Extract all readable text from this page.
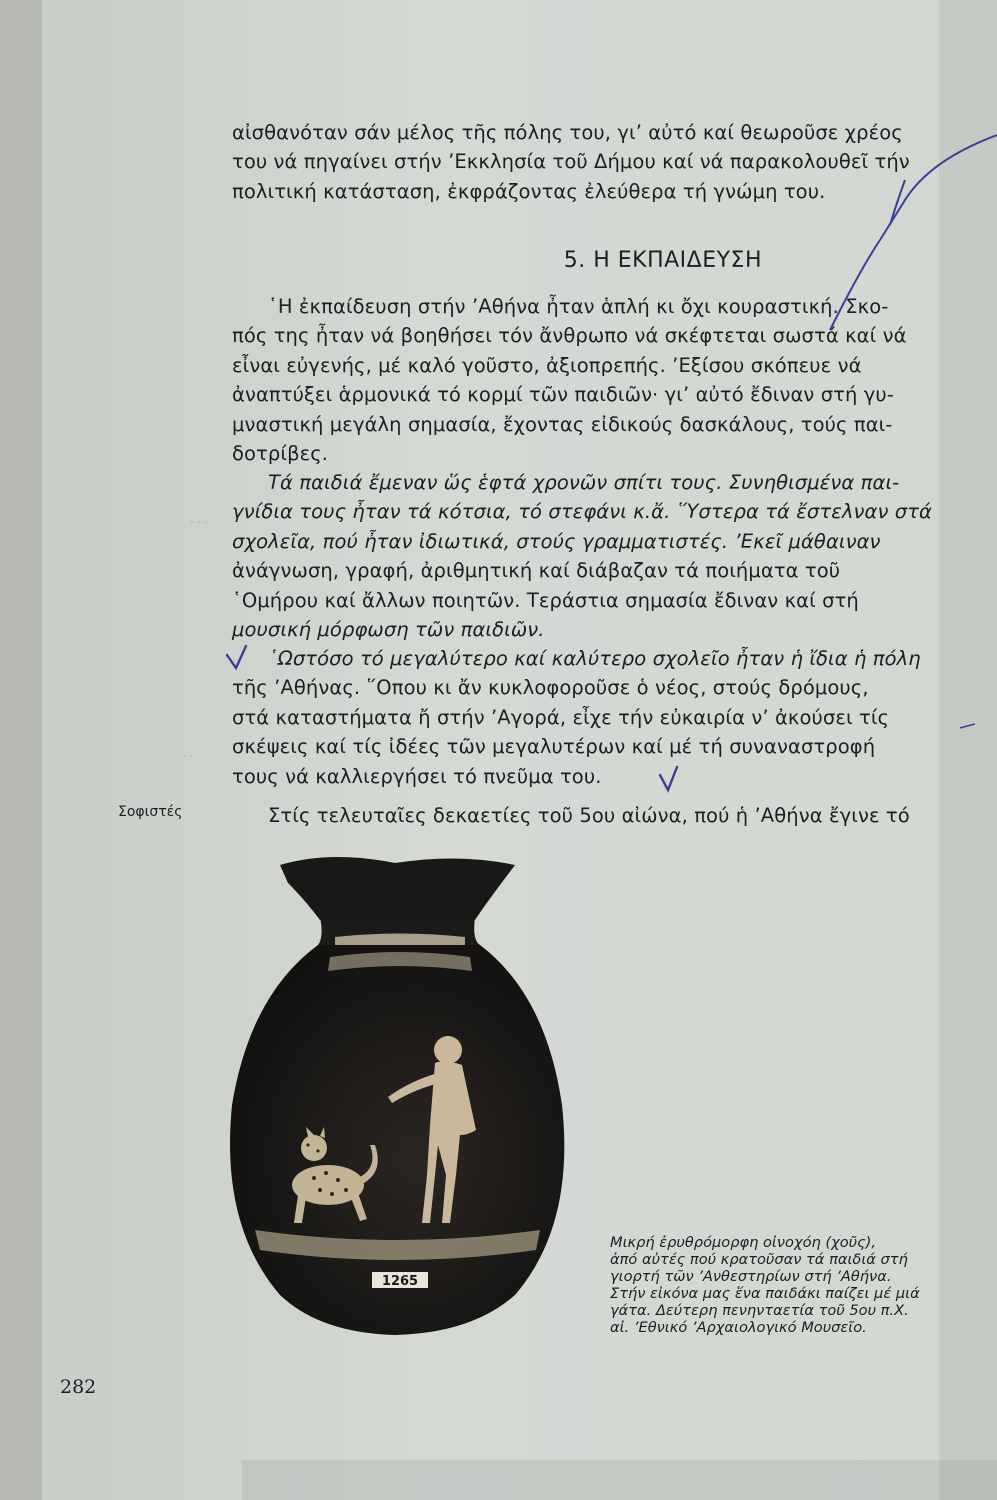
· · ·
· ·
αἰσθανόταν σάν μέλος τῆς πόλης του, γι’ αὐτό καί θεωροῦσε χρέος
του νά πηγαίνει στήν ’Εκκλησία τοῦ Δήμου καί νά παρακολουθεῖ τήν
πολιτική κατάσταση, ἐκφράζοντας ἐλεύθερα τή γνώμη του.
5. Η ΕΚΠΑΙΔΕΥΣΗ
῾Η ἐκπαίδευση στήν ’Αθήνα ἦταν ἁπλή κι ὄχι κουραστική. Σκο-
πός της ἦταν νά βοηθήσει τόν ἄνθρωπο νά σκέφτεται σωστά καί νά
εἶναι εὐγενής, μέ καλό γοῦστο, ἀξιοπρεπής. ’Εξίσου σκόπευε νά
ἀναπτύξει ἁρμονικά τό κορμί τῶν παιδιῶν· γι’ αὐτό ἔδιναν στή γυ-
μναστική μεγάλη σημασία, ἔχοντας εἰδικούς δασκάλους, τούς παι-
δοτρίβες.
Τά παιδιά ἔμεναν ὥς ἑφτά χρονῶν σπίτι τους. Συνηθισμένα παι-
γνίδια τους ἦταν τά κότσια, τό στεφάνι κ.ἄ. ῞Υστερα τά ἔστελναν στά
σχολεῖα, πού ἦταν ἰδιωτικά, στούς γραμματιστές. ’Εκεῖ μάθαιναν
ἀνάγνωση, γραφή, ἀριθμητική καί διάβαζαν τά ποιήματα τοῦ
῾Ομήρου καί ἄλλων ποιητῶν. Τεράστια σημασία ἔδιναν καί στή
μουσική μόρφωση τῶν παιδιῶν.
῾Ωστόσο τό μεγαλύτερο καί καλύτερο σχολεῖο ἦταν ἡ ἴδια ἡ πόλη
τῆς ’Αθήνας. ῞Οπου κι ἄν κυκλοφοροῦσε ὁ νέος, στούς δρόμους,
στά καταστήματα ἤ στήν ’Αγορά, εἶχε τήν εὐκαιρία ν’ ἀκούσει τίς
σκέψεις καί τίς ἰδέες τῶν μεγαλυτέρων καί μέ τή συναναστροφή
τους νά καλλιεργήσει τό πνεῦμα του.
Στίς τελευταῖες δεκαετίες τοῦ 5ου αἰώνα, πού ἡ ’Αθήνα ἔγινε τό
Σοφιστές
1265
Μικρή ἐρυθρόμορφη οἰνοχόη (χοῦς),
ἀπό αὐτές πού κρατοῦσαν τά παιδιά στή
γιορτή τῶν ’Ανθεστηρίων στή ’Αθήνα.
Στήν εἰκόνα μας ἕνα παιδάκι παίζει μέ μιά
γάτα. Δεύτερη πενηνταετία τοῦ 5ου π.Χ.
αἰ. ’Εθνικό ’Αρχαιολογικό Μουσεῖο.
282
